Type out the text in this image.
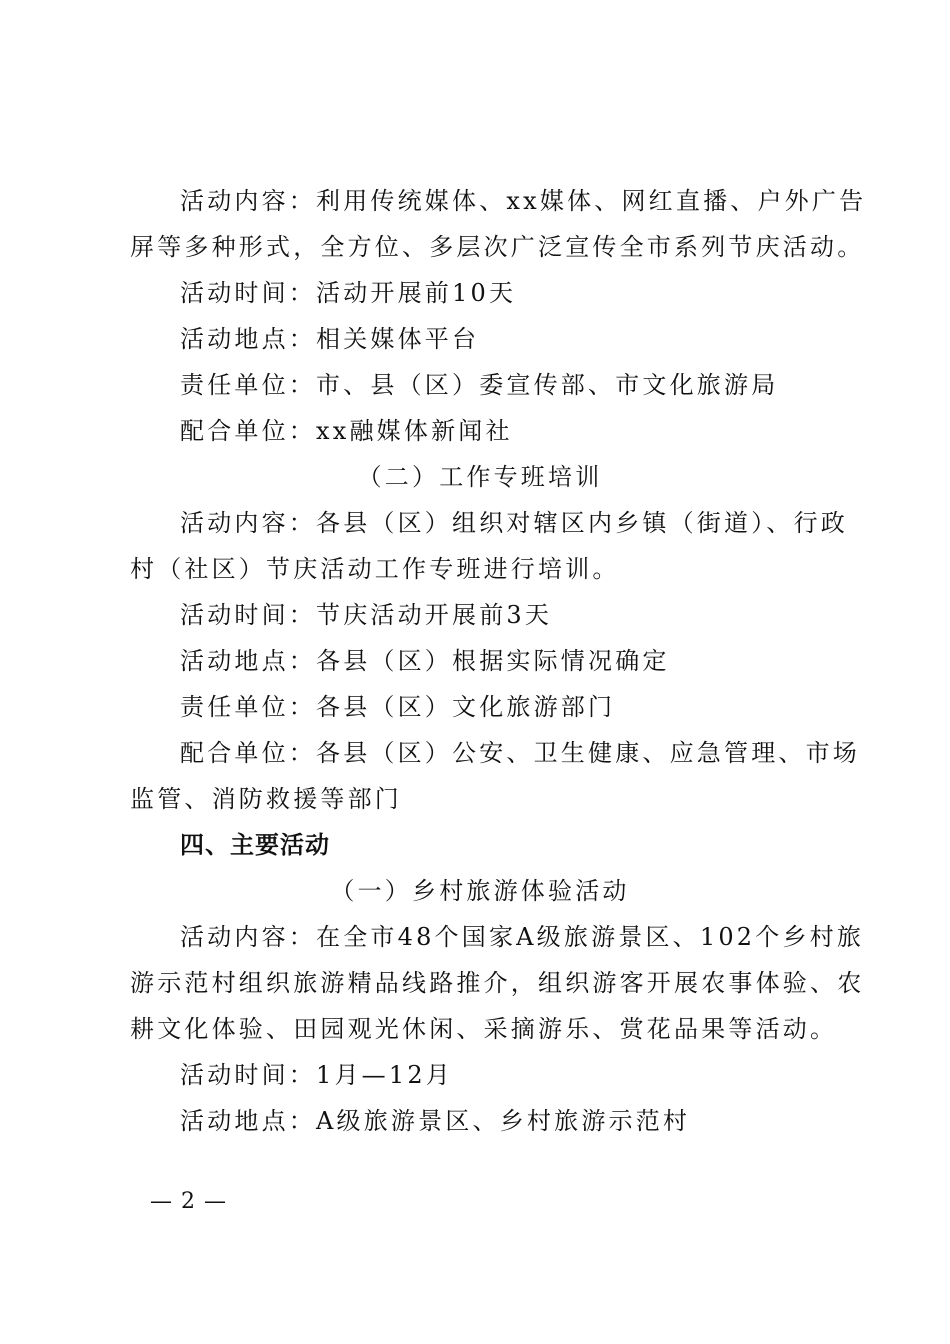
活动内容：利用传统媒体、xx媒体、网红直播、户外广告
屏等多种形式，全方位、多层次广泛宣传全市系列节庆活动。
活动时间：活动开展前10天
活动地点：相关媒体平台
责任单位：市、县（区）委宣传部、市文化旅游局
配合单位：xx融媒体新闻社
（二）工作专班培训
活动内容：各县（区）组织对辖区内乡镇（街道）、行政
村（社区）节庆活动工作专班进行培训。
活动时间：节庆活动开展前3天
活动地点：各县（区）根据实际情况确定
责任单位：各县（区）文化旅游部门
配合单位：各县（区）公安、卫生健康、应急管理、市场
监管、消防救援等部门
四、主要活动
（一）乡村旅游体验活动
活动内容：在全市48个国家A级旅游景区、102个乡村旅
游示范村组织旅游精品线路推介，组织游客开展农事体验、农
耕文化体验、田园观光休闲、采摘游乐、赏花品果等活动。
活动时间：1月—12月
活动地点：A级旅游景区、乡村旅游示范村
— 2 —
